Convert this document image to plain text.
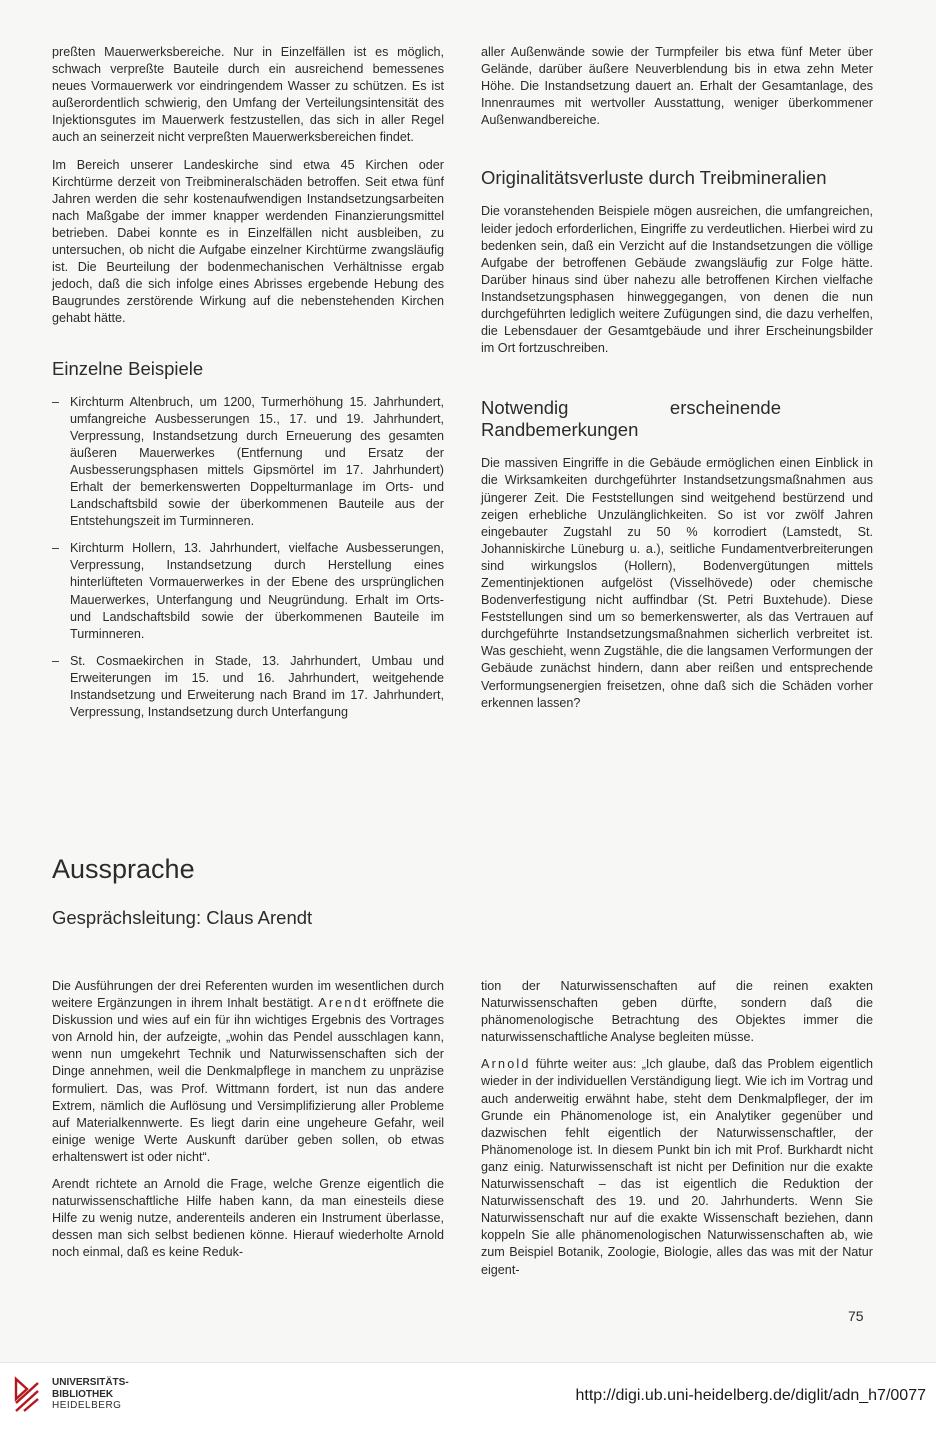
preßten Mauerwerksbereiche. Nur in Einzelfällen ist es möglich, schwach verpreßte Bauteile durch ein ausreichend bemessenes neues Vormauerwerk vor eindringendem Wasser zu schützen. Es ist außerordentlich schwierig, den Umfang der Verteilungsintensität des Injektionsgutes im Mauerwerk festzustellen, das sich in aller Regel auch an seinerzeit nicht verpreßten Mauerwerksbereichen findet.

Im Bereich unserer Landeskirche sind etwa 45 Kirchen oder Kirchtürme derzeit von Treibmineralschäden betroffen. Seit etwa fünf Jahren werden die sehr kostenaufwendigen Instandsetzungsarbeiten nach Maßgabe der immer knapper werdenden Finanzierungsmittel betrieben. Dabei konnte es in Einzelfällen nicht ausbleiben, zu untersuchen, ob nicht die Aufgabe einzelner Kirchtürme zwangsläufig ist. Die Beurteilung der bodenmechanischen Verhältnisse ergab jedoch, daß die sich infolge eines Abrisses ergebende Hebung des Baugrundes zerstörende Wirkung auf die nebenstehenden Kirchen gehabt hätte.

Einzelne Beispiele
– Kirchturm Altenbruch, um 1200, Turmerhöhung 15. Jahrhundert, umfangreiche Ausbesserungen 15., 17. und 19. Jahrhundert, Verpressung, Instandsetzung durch Erneuerung des gesamten äußeren Mauerwerkes (Entfernung und Ersatz der Ausbesserungsphasen mittels Gipsmörtel im 17. Jahrhundert) Erhalt der bemerkenswerten Doppelturmanlage im Orts- und Landschaftsbild sowie der überkommenen Bauteile aus der Entstehungszeit im Turminneren.
– Kirchturm Hollern, 13. Jahrhundert, vielfache Ausbesserungen, Verpressung, Instandsetzung durch Herstellung eines hinterlüfteten Vormauerwerkes in der Ebene des ursprünglichen Mauerwerkes, Unterfangung und Neugründung. Erhalt im Orts- und Landschaftsbild sowie der überkommenen Bauteile im Turminneren.
– St. Cosmaekirchen in Stade, 13. Jahrhundert, Umbau und Erweiterungen im 15. und 16. Jahrhundert, weitgehende Instandsetzung und Erweiterung nach Brand im 17. Jahrhundert, Verpressung, Instandsetzung durch Unterfangung

aller Außenwände sowie der Turmpfeiler bis etwa fünf Meter über Gelände, darüber äußere Neuverblendung bis in etwa zehn Meter Höhe. Die Instandsetzung dauert an. Erhalt der Gesamtanlage, des Innenraumes mit wertvoller Ausstattung, weniger überkommener Außenwandbereiche.

Originalitätsverluste durch Treibmineralien

Die voranstehenden Beispiele mögen ausreichen, die umfangreichen, leider jedoch erforderlichen, Eingriffe zu verdeutlichen. Hierbei wird zu bedenken sein, daß ein Verzicht auf die Instandsetzungen die völlige Aufgabe der betroffenen Gebäude zwangsläufig zur Folge hätte. Darüber hinaus sind über nahezu alle betroffenen Kirchen vielfache Instandsetzungsphasen hinweggegangen, von denen die nun durchgeführten lediglich weitere Zufügungen sind, die dazu verhelfen, die Lebensdauer der Gesamtgebäude und ihrer Erscheinungsbilder im Ort fortzuschreiben.

Notwendig erscheinende Randbemerkungen

Die massiven Eingriffe in die Gebäude ermöglichen einen Einblick in die Wirksamkeiten durchgeführter Instandsetzungsmaßnahmen aus jüngerer Zeit. Die Feststellungen sind weitgehend bestürzend und zeigen erhebliche Unzulänglichkeiten. So ist vor zwölf Jahren eingebauter Zugstahl zu 50 % korrodiert (Lamstedt, St. Johanniskirche Lüneburg u. a.), seitliche Fundamentverbreiterungen sind wirkungslos (Hollern), Bodenvergütungen mittels Zementinjektionen aufgelöst (Visselhövede) oder chemische Bodenverfestigung nicht auffindbar (St. Petri Buxtehude). Diese Feststellungen sind um so bemerkenswerter, als das Vertrauen auf durchgeführte Instandsetzungsmaßnahmen sicherlich verbreitet ist. Was geschieht, wenn Zugstähle, die die langsamen Verformungen der Gebäude zunächst hindern, dann aber reißen und entsprechende Verformungsenergien freisetzen, ohne daß sich die Schäden vorher erkennen lassen?

Aussprache
Gesprächsleitung: Claus Arendt

Die Ausführungen der drei Referenten wurden im wesentlichen durch weitere Ergänzungen in ihrem Inhalt bestätigt. Arendt eröffnete die Diskussion und wies auf ein für ihn wichtiges Ergebnis des Vortrages von Arnold hin, der aufzeigte, „wohin das Pendel ausschlagen kann, wenn nun umgekehrt Technik und Naturwissenschaften sich der Dinge annehmen, weil die Denkmalpflege in manchem zu unpräzise formuliert. Das, was Prof. Wittmann fordert, ist nun das andere Extrem, nämlich die Auflösung und Versimplifizierung aller Probleme auf Materialkennwerte. Es liegt darin eine ungeheure Gefahr, weil einige wenige Werte Auskunft darüber geben sollen, ob etwas erhaltenswert ist oder nicht“.

Arendt richtete an Arnold die Frage, welche Grenze eigentlich die naturwissenschaftliche Hilfe haben kann, da man einesteils diese Hilfe zu wenig nutze, anderenteils anderen ein Instrument überlasse, dessen man sich selbst bedienen könne. Hierauf wiederholte Arnold noch einmal, daß es keine Reduk-

tion der Naturwissenschaften auf die reinen exakten Naturwissenschaften geben dürfte, sondern daß die phänomenologische Betrachtung des Objektes immer die naturwissenschaftliche Analyse begleiten müsse.

Arnold führte weiter aus: „Ich glaube, daß das Problem eigentlich wieder in der individuellen Verständigung liegt. Wie ich im Vortrag und auch anderweitig erwähnt habe, steht dem Denkmalpfleger, der im Grunde ein Phänomenologe ist, ein Analytiker gegenüber und dazwischen fehlt eigentlich der Naturwissenschaftler, der Phänomenologe ist. In diesem Punkt bin ich mit Prof. Burkhardt nicht ganz einig. Naturwissenschaft ist nicht per Definition nur die exakte Naturwissenschaft – das ist eigentlich die Reduktion der Naturwissenschaft des 19. und 20. Jahrhunderts. Wenn Sie Naturwissenschaft nur auf die exakte Wissenschaft beziehen, dann koppeln Sie alle phänomenologischen Naturwissenschaften ab, wie zum Beispiel Botanik, Zoologie, Biologie, alles das was mit der Natur eigent-

75
UNIVERSITÄTS-
BIBLIOTHEK
HEIDELBERG
http://digi.ub.uni-heidelberg.de/diglit/adn_h7/0077
